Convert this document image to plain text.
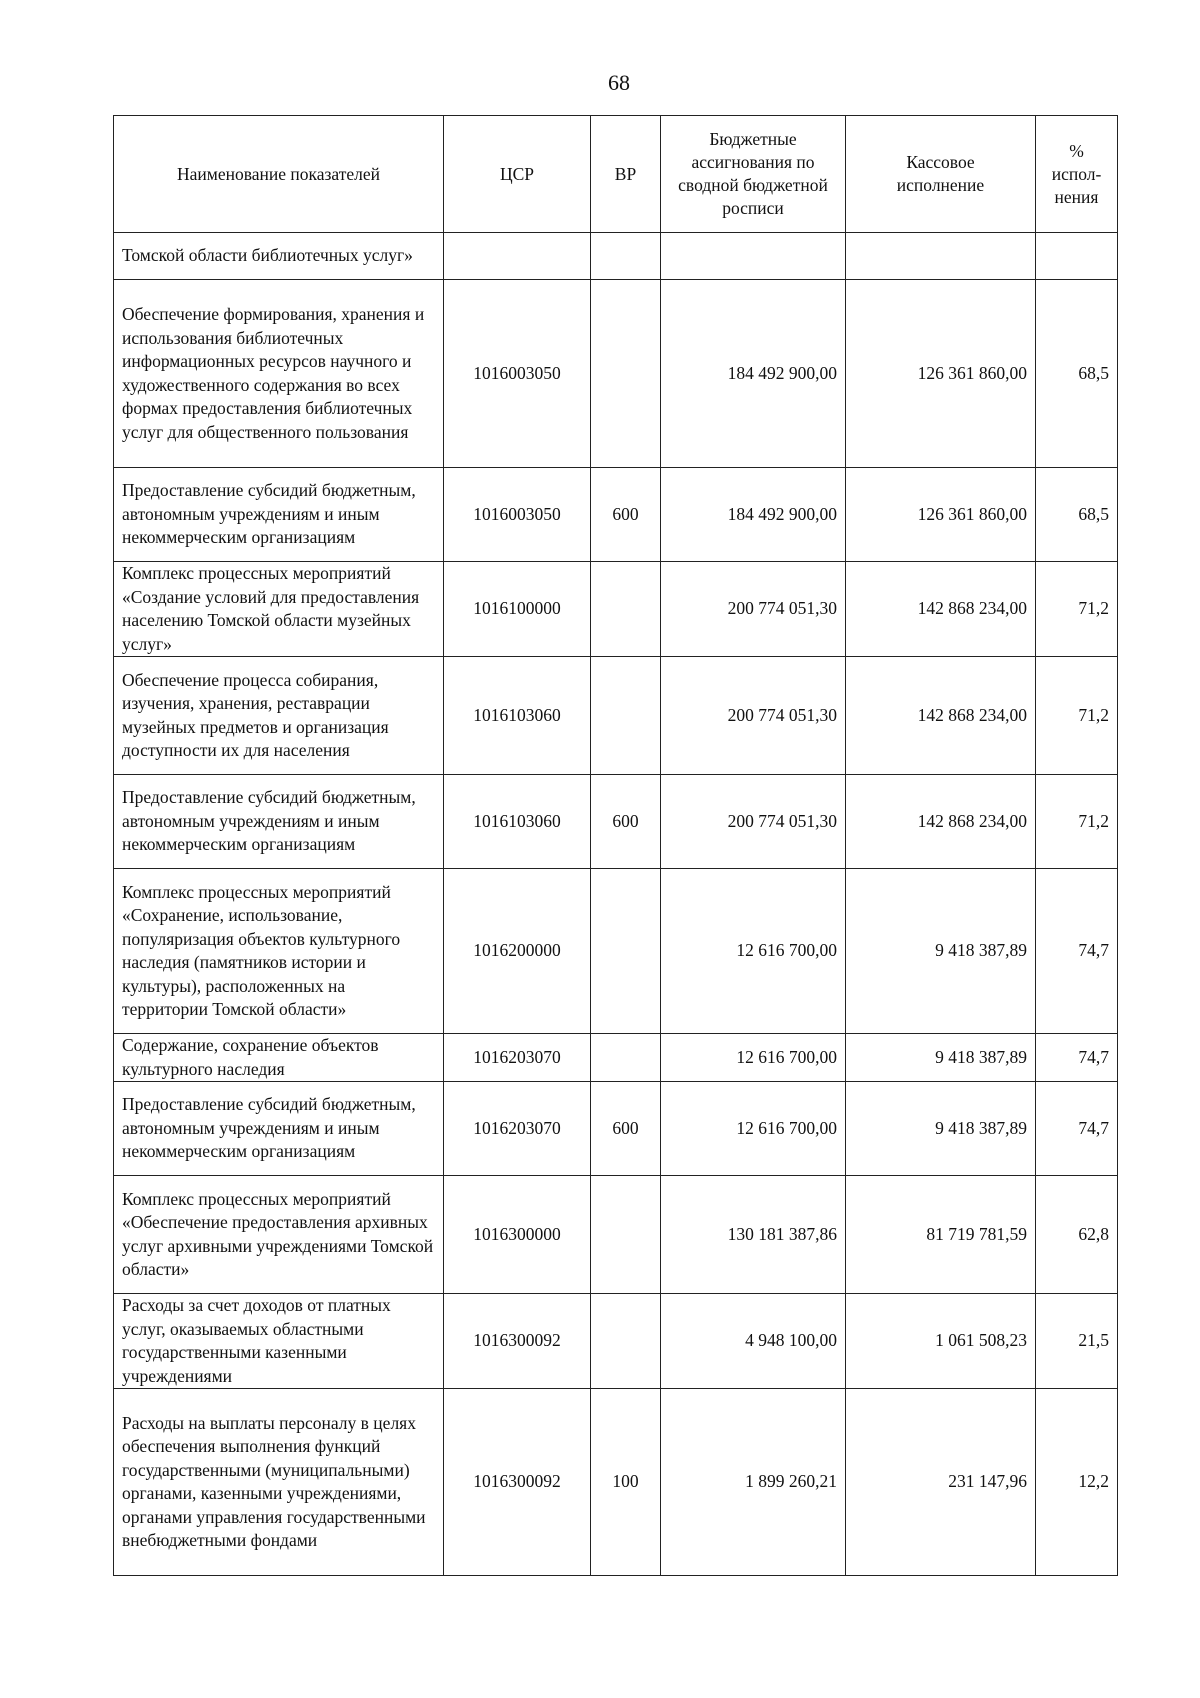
68
Наименование показателей	ЦСР	ВР	Бюджетные ассигнования по сводной бюджетной росписи	Кассовое исполнение	% испол-нения
Томской области библиотечных услуг»					
Обеспечение формирования, хранения и использования библиотечных информационных ресурсов научного и художественного содержания во всех формах предоставления библиотечных услуг для общественного пользования	1016003050		184 492 900,00	126 361 860,00	68,5
Предоставление субсидий бюджетным, автономным учреждениям и иным некоммерческим организациям	1016003050	600	184 492 900,00	126 361 860,00	68,5
Комплекс процессных мероприятий «Создание условий для предоставления населению Томской области музейных услуг»	1016100000		200 774 051,30	142 868 234,00	71,2
Обеспечение процесса собирания, изучения, хранения, реставрации музейных предметов и организация доступности их для населения	1016103060		200 774 051,30	142 868 234,00	71,2
Предоставление субсидий бюджетным, автономным учреждениям и иным некоммерческим организациям	1016103060	600	200 774 051,30	142 868 234,00	71,2
Комплекс процессных мероприятий «Сохранение, использование, популяризация объектов культурного наследия (памятников истории и культуры), расположенных на территории Томской области»	1016200000		12 616 700,00	9 418 387,89	74,7
Содержание, сохранение объектов культурного наследия	1016203070		12 616 700,00	9 418 387,89	74,7
Предоставление субсидий бюджетным, автономным учреждениям и иным некоммерческим организациям	1016203070	600	12 616 700,00	9 418 387,89	74,7
Комплекс процессных мероприятий «Обеспечение предоставления архивных услуг архивными учреждениями Томской области»	1016300000		130 181 387,86	81 719 781,59	62,8
Расходы за счет доходов от платных услуг, оказываемых областными государственными казенными учреждениями	1016300092		4 948 100,00	1 061 508,23	21,5
Расходы на выплаты персоналу в целях обеспечения выполнения функций государственными (муниципальными) органами, казенными учреждениями, органами управления государственными внебюджетными фондами	1016300092	100	1 899 260,21	231 147,96	12,2
